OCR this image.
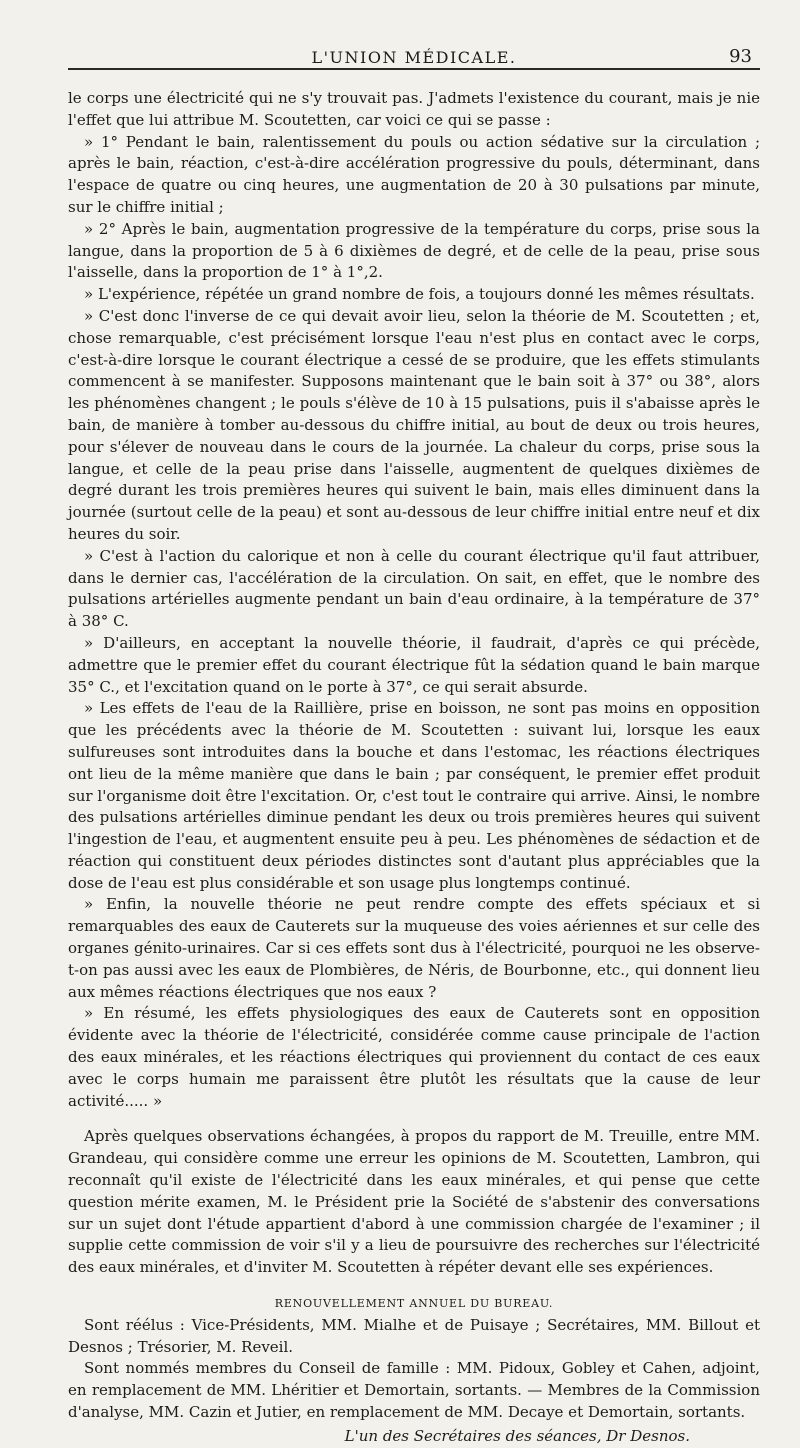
L'UNION MÉDICALE.	93

le corps une électricité qui ne s'y trouvait pas. J'admets l'existence du courant, mais je nie l'effet que lui attribue M. Scoutetten, car voici ce qui se passe :

» 1° Pendant le bain, ralentissement du pouls ou action sédative sur la circulation ; après le bain, réaction, c'est-à-dire accélération progressive du pouls, déterminant, dans l'espace de quatre ou cinq heures, une augmentation de 20 à 30 pulsations par minute, sur le chiffre initial ;

» 2° Après le bain, augmentation progressive de la température du corps, prise sous la langue, dans la proportion de 5 à 6 dixièmes de degré, et de celle de la peau, prise sous l'aisselle, dans la proportion de 1° à 1°,2.

» L'expérience, répétée un grand nombre de fois, a toujours donné les mêmes résultats.

» C'est donc l'inverse de ce qui devait avoir lieu, selon la théorie de M. Scoutetten ; et, chose remarquable, c'est précisément lorsque l'eau n'est plus en contact avec le corps, c'est-à-dire lorsque le courant électrique a cessé de se produire, que les effets stimulants commencent à se manifester. Supposons maintenant que le bain soit à 37° ou 38°, alors les phénomènes changent ; le pouls s'élève de 10 à 15 pulsations, puis il s'abaisse après le bain, de manière à tomber au-dessous du chiffre initial, au bout de deux ou trois heures, pour s'élever de nouveau dans le cours de la journée. La chaleur du corps, prise sous la langue, et celle de la peau prise dans l'aisselle, augmentent de quelques dixièmes de degré durant les trois premières heures qui suivent le bain, mais elles diminuent dans la journée (surtout celle de la peau) et sont au-dessous de leur chiffre initial entre neuf et dix heures du soir.

» C'est à l'action du calorique et non à celle du courant électrique qu'il faut attribuer, dans le dernier cas, l'accélération de la circulation. On sait, en effet, que le nombre des pulsations artérielles augmente pendant un bain d'eau ordinaire, à la température de 37° à 38° C.

» D'ailleurs, en acceptant la nouvelle théorie, il faudrait, d'après ce qui précède, admettre que le premier effet du courant électrique fût la sédation quand le bain marque 35° C., et l'excitation quand on le porte à 37°, ce qui serait absurde.

» Les effets de l'eau de la Raillière, prise en boisson, ne sont pas moins en opposition que les précédents avec la théorie de M. Scoutetten : suivant lui, lorsque les eaux sulfureuses sont introduites dans la bouche et dans l'estomac, les réactions électriques ont lieu de la même manière que dans le bain ; par conséquent, le premier effet produit sur l'organisme doit être l'excitation. Or, c'est tout le contraire qui arrive. Ainsi, le nombre des pulsations artérielles diminue pendant les deux ou trois premières heures qui suivent l'ingestion de l'eau, et augmentent ensuite peu à peu. Les phénomènes de sédaction et de réaction qui constituent deux périodes distinctes sont d'autant plus appréciables que la dose de l'eau est plus considérable et son usage plus longtemps continué.

» Enfin, la nouvelle théorie ne peut rendre compte des effets spéciaux et si remarquables des eaux de Cauterets sur la muqueuse des voies aériennes et sur celle des organes génito-urinaires. Car si ces effets sont dus à l'électricité, pourquoi ne les observe-t-on pas aussi avec les eaux de Plombières, de Néris, de Bourbonne, etc., qui donnent lieu aux mêmes réactions électriques que nos eaux ?

» En résumé, les effets physiologiques des eaux de Cauterets sont en opposition évidente avec la théorie de l'électricité, considérée comme cause principale de l'action des eaux minérales, et les réactions électriques qui proviennent du contact de ces eaux avec le corps humain me paraissent être plutôt les résultats que la cause de leur activité..... »

Après quelques observations échangées, à propos du rapport de M. Treuille, entre MM. Grandeau, qui considère comme une erreur les opinions de M. Scoutetten, Lambron, qui reconnaît qu'il existe de l'électricité dans les eaux minérales, et qui pense que cette question mérite examen, M. le Président prie la Société de s'abstenir des conversations sur un sujet dont l'étude appartient d'abord à une commission chargée de l'examiner ; il supplie cette commission de voir s'il y a lieu de poursuivre des recherches sur l'électricité des eaux minérales, et d'inviter M. Scoutetten à répéter devant elle ses expériences.

RENOUVELLEMENT ANNUEL DU BUREAU.

Sont réélus : Vice-Présidents, MM. Mialhe et de Puisaye ; Secrétaires, MM. Billout et Desnos ; Trésorier, M. Reveil.

Sont nommés membres du Conseil de famille : MM. Pidoux, Gobley et Cahen, adjoint, en remplacement de MM. Lhéritier et Demortain, sortants. — Membres de la Commission d'analyse, MM. Cazin et Jutier, en remplacement de MM. Decaye et Demortain, sortants.

L'un des Secrétaires des séances, Dr Desnos.
